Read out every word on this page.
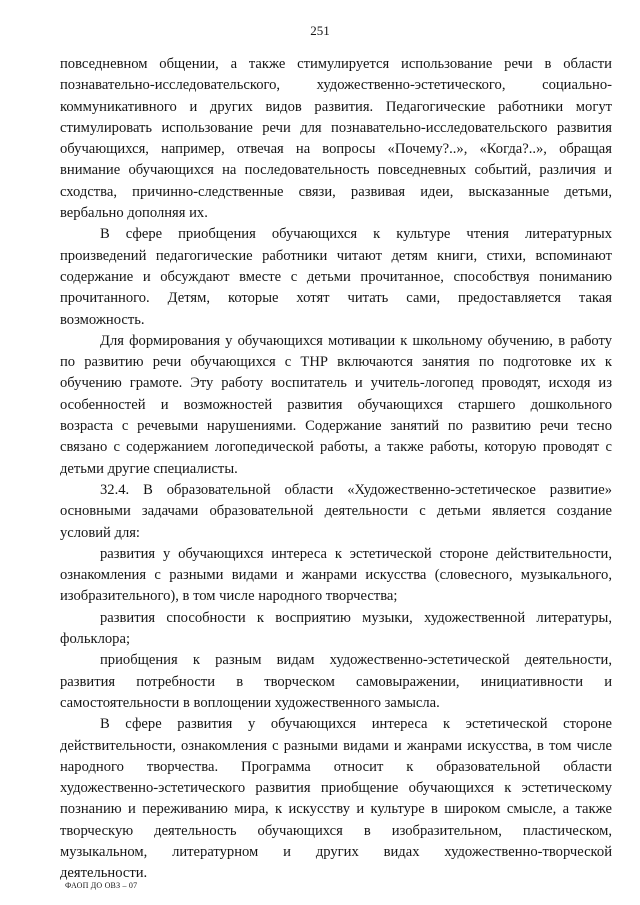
251
повседневном общении, а также стимулируется использование речи в области
познавательно-исследовательского, художественно-эстетического, социально-
коммуникативного и других видов развития. Педагогические работники могут
стимулировать использование речи для познавательно-исследовательского развития
обучающихся, например, отвечая на вопросы «Почему?..», «Когда?..», обращая
внимание обучающихся на последовательность повседневных событий, различия и
сходства, причинно-следственные связи, развивая идеи, высказанные детьми,
вербально дополняя их.
В сфере приобщения обучающихся к культуре чтения литературных
произведений педагогические работники читают детям книги, стихи, вспоминают
содержание и обсуждают вместе с детьми прочитанное, способствуя пониманию
прочитанного. Детям, которые хотят читать сами, предоставляется такая
возможность.
Для формирования у обучающихся мотивации к школьному обучению, в работу
по развитию речи обучающихся с ТНР включаются занятия по подготовке их к
обучению грамоте. Эту работу воспитатель и учитель-логопед проводят, исходя из
особенностей и возможностей развития обучающихся старшего дошкольного
возраста с речевыми нарушениями. Содержание занятий по развитию речи тесно
связано с содержанием логопедической работы, а также работы, которую проводят с
детьми другие специалисты.
32.4. В образовательной области «Художественно-эстетическое развитие»
основными задачами образовательной деятельности с детьми является создание
условий для:
развития у обучающихся интереса к эстетической стороне действительности,
ознакомления с разными видами и жанрами искусства (словесного, музыкального,
изобразительного), в том числе народного творчества;
развития способности к восприятию музыки, художественной литературы,
фольклора;
приобщения к разным видам художественно-эстетической деятельности,
развития потребности в творческом самовыражении, инициативности и
самостоятельности в воплощении художественного замысла.
В сфере развития у обучающихся интереса к эстетической стороне
действительности, ознакомления с разными видами и жанрами искусства, в том числе
народного творчества. Программа относит к образовательной области
художественно-эстетического развития приобщение обучающихся к эстетическому
познанию и переживанию мира, к искусству и культуре в широком смысле, а также
творческую деятельность обучающихся в изобразительном, пластическом,
музыкальном, литературном и других видах художественно-творческой
деятельности.
ФАОП ДО ОВЗ – 07
